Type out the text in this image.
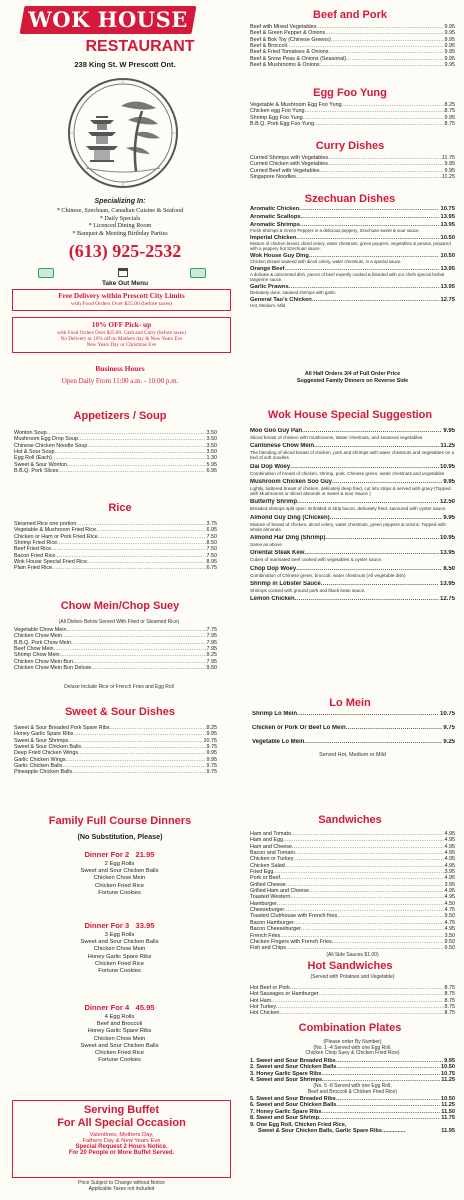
WOK HOUSE
RESTAURANT
238 King St. W Prescott Ont.
Specializing In:
* Chinese, Szechuan, Canadian Cuisine & Seafood
* Daily Specials
* Licenced Dining Room
* Banquet & Meeting Birthday Parties
(613) 925-2532
Take Out Menu
Free Delivery within Prescott City Limits
with Food Orders Over $25.00 (before taxes)
10% OFF Pick- up
with Food Orders Over $25.00. Cash and Carry (before taxes)
No Delivery or 10% off on Mothers day & New Years Eve
New Years Day or Christmas Eve
Business Hours
Open Daily From 11:00 a.m. - 10:00 p.m.
Beef and Pork
Beef with Mixed Vegetables .....	9.95
Beef & Green Pepper & Onions .....	9.95
Beef & Bok Toy (Chinese Greens) .....	9.95
Beef & Broccoli .....	9.95
Beef & Fried Tomatoes & Onions .....	9.95
Beef & Snow Peas & Onions (Seasonal) .....	9.95
Beef & Mushrooms & Onions .....	9.95
Egg Foo Yung
Vegetable & Mushroom Egg Foo Yung .....	8.25
Chicken egg Foo Yung .....	8.75
Shrimp Egg Foo Yung .....	9.95
B.B.Q. Pork Egg Foo Yung .....	8.75
Curry Dishes
Curried Shrimps with Vegetables .....	11.75
Curried Chicken with Vegetables .....	9.95
Curried Beef with Vegetables .....	9.95
Singapore Noodles .....	11.25
Szechuan Dishes
Aromatic Chicken .....	10.75
Aromatic Scallops .....	13.95
Aromatic Shrimps .....	13.95
Fresh Shrimps & Green Peppers in a delicious peppery, Szechuan sweet & sour sauce.
Imperial Chicken .....	10.50
Mixture of chicken breast, diced celery, water chestnuts, green peppers, vegetables & peanut, prepared with a peppery hot Szechuan sauce.
Wok House Guy Ding .....	10.50
Chicken Breast sauteed with diced celery, water chestnuts, in a special sauce.
Orange Beef .....	13.95
A delicate & uniscented dish, pieces of beef expertly cooked & blended with our chefs special herbal tangerine sauce.
Garlic Prawns .....	13.95
Delicately done, sauteed shrimps with garlic.
General Tao's Chicken .....	12.75
Hot, Medium, Mild
All Half Orders 3/4 of Full Order Price
Suggested Family Dinners on Reverse Side
Appetizers / Soup
Wonton Soup .....	3.50
Mushroom Egg Drop Soup .....	3.50
Chinese Chicken Noodle Soup .....	3.50
Hot & Sour Soup .....	3.50
Egg Roll (Each) .....	1.30
Sweet & Sour Wonton .....	5.95
B.B.Q. Pork Slices .....	6.95
Rice
Steamed Rice one portion .....	3.75
Vegetable & Mushroom Fried Rice .....	6.95
Chicken or Ham or Pork Fried Rice .....	7.50
Shrimp Fried Rice .....	8.50
Beef Fried Rice .....	7.50
Bacon Fried Rice .....	7.50
Wok House Special Fried Rice .....	8.95
Plain Fried Rice .....	6.75
Chow Mein/Chop Suey
(All Dishes Below Served With Fried or Steamed Rice)
Vegetable Chow Mein .....	7.75
Chicken Chow Mein .....	7.95
B.B.Q. Pork Chow Mein .....	7.95
Beef Chow Mein .....	7.95
Shrimp Chow Mein .....	9.25
Chicken Chow Mein Bun .....	7.95
Chicken Chow Mein Bun Deluxe .....	9.50
Deluxe Include Rice or French Fries and Egg Roll
Sweet & Sour Dishes
Sweet & Sour Breaded Pork Spare Ribs .....	8.25
Honey Garlic Spare Ribs .....	9.95
Sweet & Sour Shrimps .....	10.75
Sweet & Sour Chicken Balls .....	9.75
Deep Fried Chicken Wings .....	9.95
Garlic Chicken Wings .....	9.95
Garlic Chicken Balls .....	9.75
Pineapple Chicken Balls .....	9.75
Wok House Special Suggestion
Moo Goo Guy Pan .....	9.95
Sliced breast of chicken with mushrooms, Water chestnuts, and seasonal vegetables.
Cantonese Chow Mein .....	11.25
The blending of sliced breast of chicken, pork and shrimps with water chestnuts and vegetables on a bed of soft noodles
Dai Dop Woey .....	10.95
Combination of breast of chicken, shrimp, pork, Chinese green, water chestnuts and vegetables
Mushroom Chicken Soo Guy .....	9.95
Lightly, battered breast of chicken, delicately deep fried, cut into strips & served with gravy (Topped with Mushrooms or sliced almonds or sweet & sour Sauce )
Butterfly Shrimp .....	12.50
Breaded shrimps split open. Enfolded in strip bacon, delicately fried, savoured with oyster sauce.
Almond Guy Ding (Chicken) .....	9.95
Mixture of breast of chicken, diced celery, water chestnuts, green peppers & onions. Topped with whole almonds.
Almond Har Ding (Shrimp) .....	10.95
Same as above
Oriental Steak Kew .....	13.95
Cubes of marinated beef cooked with vegetables & oyster sauce.
Chop Dop Woey .....	8.50
Combination of Chinese green, broccoli, water chestnuts (All vegetable dish)
Shrimp in Lobster Sauce .....	13.95
Shrimps cooked with ground pork and black bean sauce.
Lemon Chicken .....	12.75
Lo Mein
Shrimp Lo Mein .....	10.75
Chicken or Pork Or Beef Lo Mein .....	9.75
Vegetable Lo Mein .....	9.25
Served Hot, Medium or Mild
Family Full Course Dinners
(No Substitution, Please)
Dinner For 2 21.95
2 Egg Rolls
Sweet and Sour Chicken Balls
Chicken Chow Mein
Chicken Fried Rice
Fortune Cookies
Dinner For 3 33.95
3 Egg Rolls
Sweet and Sour Chicken Balls
Chicken Chow Mein
Honey Garlic Spare Ribs
Chicken Fried Rice
Fortune Cookies
Dinner For 4 45.95
4 Egg Rolls
Beef and Broccoli
Honey Garlic Spare Ribs
Chicken Chow Mein
Sweet and Sour Chicken Balls
Chicken Fried Rice
Fortune Cookies
Serving Buffet
For All Special Occasion
Valentines, Mothers Day,
Fathers Day & New Years Eve
Special Request 2 Hours Notice.
For 20 People or More Buffet Served.
Price Subject to Change without Notice
Applicable Taxes not included
Sandwiches
Ham and Tomato .....	4.95
Ham and Egg .....	4.95
Ham and Cheese .....	4.95
Bacon and Tomato .....	4.95
Chicken or Turkey .....	4.95
Chicken Salad .....	4.95
Fried Egg .....	3.95
Pork or Beef .....	4.95
Grilled Cheese .....	3.95
Grilled Ham and Cheese .....	4.95
Toasted Western .....	4.95
Hamburger .....	4.50
Cheeseburger .....	4.75
Toasted Clubhouse with French fries .....	9.50
Bacon Hamburger .....	4.75
Bacon Cheeseburger .....	4.95
French Fries .....	3.50
Chicken Fingers with French Fries .....	9.50
Fish and Chips .....	9.50
(All Side Sauces $1.00)
Hot Sandwiches
(Served with Potatoes and Vegetable)
Hot Beef or Pork .....	8.75
Hot Sausages or Hamburger .....	8.75
Hot Ham .....	8.75
Hot Turkey .....	8.75
Hot Chicken .....	8.75
Combination Plates
(Please order By Number)
(No. 1 -4 Served with one Egg Roll,
Chicken Chop Suey & Chicken Fried Rice)
1. Sweet and Sour Breaded Ribs .....	9.95
2. Sweet and Sour Chicken Balls .....	10.50
3. Honey Garlic Spare Ribs .....	10.75
4. Sweet and Sour Shrimps .....	11.25
(No. 5 -8 Served with one Egg Roll,
Beef and Broccoli & Chicken Fried Rice)
5. Sweet and Sour Breaded Ribs .....	10.50
6. Sweet and Sour Chicken Balls .....	11.25
7. Honey Garlic Spare Ribs .....	11.50
8. Sweet and Sour Shrimp .....	11.75
9. One Egg Roll, Chicken Fried Rice,
Sweet & Sour Chicken Balls, Garlic Spare Ribs ...............	11.95
